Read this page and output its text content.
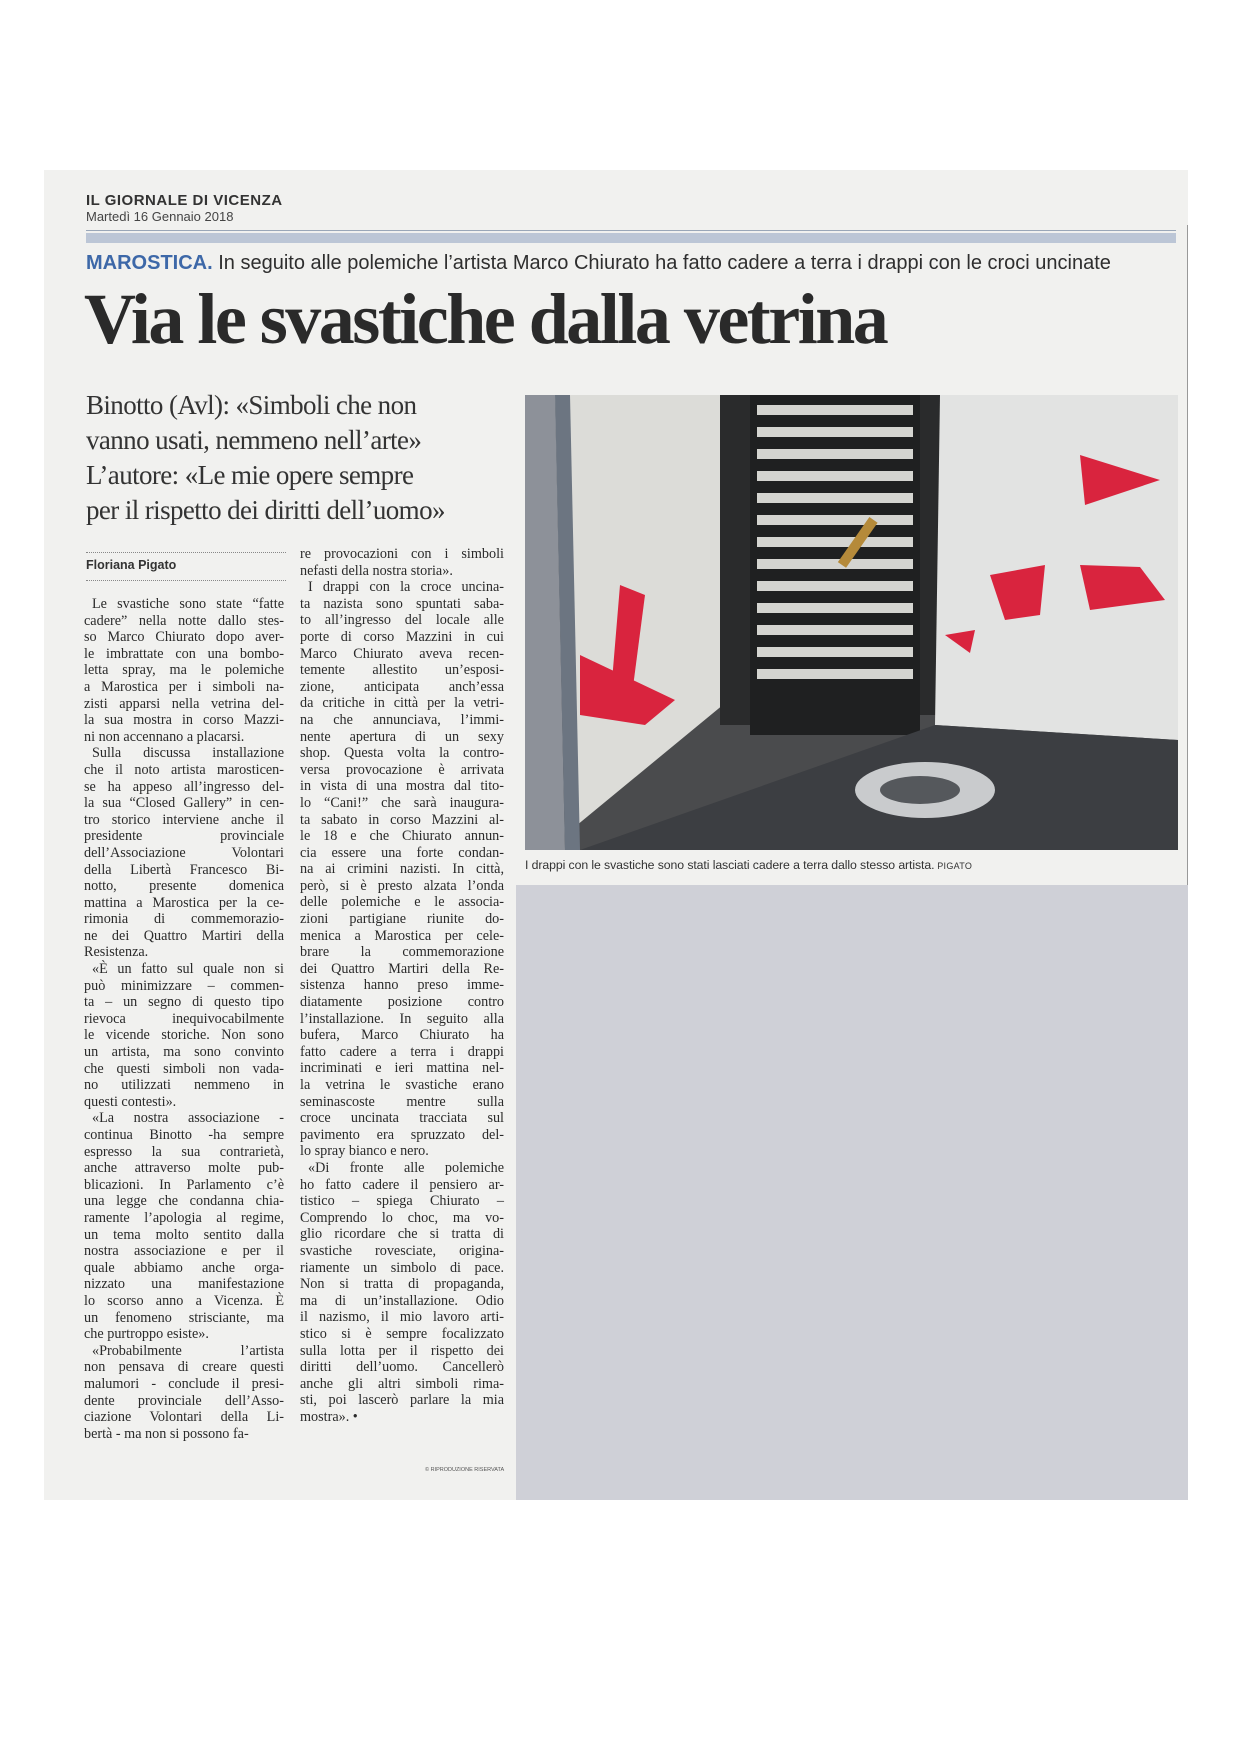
IL GIORNALE DI VICENZA
Martedì 16 Gennaio 2018
MAROSTICA. In seguito alle polemiche l’artista Marco Chiurato ha fatto cadere a terra i drappi con le croci uncinate
Via le svastiche dalla vetrina
Binotto (Avl): «Simboli che non
vanno usati, nemmeno nell’arte»
L’autore: «Le mie opere sempre
per il rispetto dei diritti dell’uomo»
Floriana Pigato
Le svastiche sono state “fatte
cadere” nella notte dallo stes-
so Marco Chiurato dopo aver-
le imbrattate con una bombo-
letta spray, ma le polemiche
a Marostica per i simboli na-
zisti apparsi nella vetrina del-
la sua mostra in corso Mazzi-
ni non accennano a placarsi.
Sulla discussa installazione
che il noto artista marosticen-
se ha appeso all’ingresso del-
la sua “Closed Gallery” in cen-
tro storico interviene anche il
presidente provinciale
dell’Associazione Volontari
della Libertà Francesco Bi-
notto, presente domenica
mattina a Marostica per la ce-
rimonia di commemorazio-
ne dei Quattro Martiri della
Resistenza.
«È un fatto sul quale non si
può minimizzare – commen-
ta – un segno di questo tipo
rievoca inequivocabilmente
le vicende storiche. Non sono
un artista, ma sono convinto
che questi simboli non vada-
no utilizzati nemmeno in
questi contesti».
«La nostra associazione -
continua Binotto -ha sempre
espresso la sua contrarietà,
anche attraverso molte pub-
blicazioni. In Parlamento c’è
una legge che condanna chia-
ramente l’apologia al regime,
un tema molto sentito dalla
nostra associazione e per il
quale abbiamo anche orga-
nizzato una manifestazione
lo scorso anno a Vicenza. È
un fenomeno strisciante, ma
che purtroppo esiste».
«Probabilmente l’artista
non pensava di creare questi
malumori - conclude il presi-
dente provinciale dell’Asso-
ciazione Volontari della Li-
bertà - ma non si possono fa-
re provocazioni con i simboli
nefasti della nostra storia».
I drappi con la croce uncina-
ta nazista sono spuntati saba-
to all’ingresso del locale alle
porte di corso Mazzini in cui
Marco Chiurato aveva recen-
temente allestito un’esposi-
zione, anticipata anch’essa
da critiche in città per la vetri-
na che annunciava, l’immi-
nente apertura di un sexy
shop. Questa volta la contro-
versa provocazione è arrivata
in vista di una mostra dal tito-
lo “Cani!” che sarà inaugura-
ta sabato in corso Mazzini al-
le 18 e che Chiurato annun-
cia essere una forte condan-
na ai crimini nazisti. In città,
però, si è presto alzata l’onda
delle polemiche e le associa-
zioni partigiane riunite do-
menica a Marostica per cele-
brare la commemorazione
dei Quattro Martiri della Re-
sistenza hanno preso imme-
diatamente posizione contro
l’installazione. In seguito alla
bufera, Marco Chiurato ha
fatto cadere a terra i drappi
incriminati e ieri mattina nel-
la vetrina le svastiche erano
seminascoste mentre sulla
croce uncinata tracciata sul
pavimento era spruzzato del-
lo spray bianco e nero.
«Di fronte alle polemiche
ho fatto cadere il pensiero ar-
tistico – spiega Chiurato –
Comprendo lo choc, ma vo-
glio ricordare che si tratta di
svastiche rovesciate, origina-
riamente un simbolo di pace.
Non si tratta di propaganda,
ma di un’installazione. Odio
il nazismo, il mio lavoro arti-
stico si è sempre focalizzato
sulla lotta per il rispetto dei
diritti dell’uomo. Cancellerò
anche gli altri simboli rima-
sti, poi lascerò parlare la mia
mostra». •
© RIPRODUZIONE RISERVATA
I drappi con le svastiche sono stati lasciati cadere a terra dallo stesso artista. PIGATO
